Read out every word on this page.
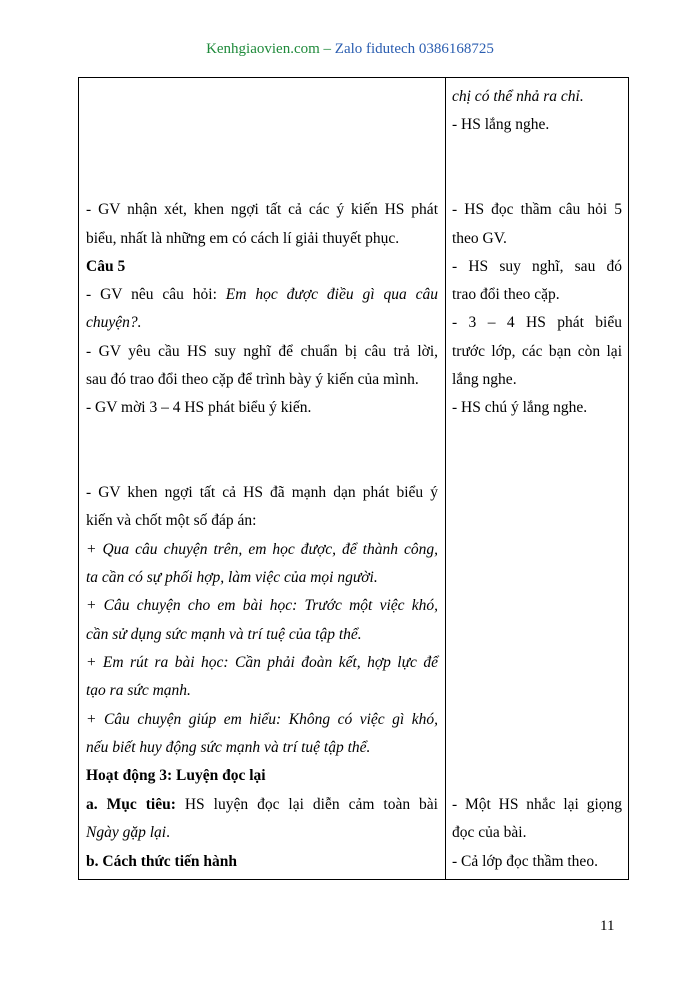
Kenhgiaovien.com – Zalo fidutech 0386168725
chị có thể nhả ra chỉ.
- HS lắng nghe.
- HS đọc thầm câu hỏi 5
theo GV.
- HS suy nghĩ, sau đó
trao đổi theo cặp.
- 3 – 4 HS phát biểu
trước lớp, các bạn còn lại
lắng nghe.
- HS chú ý lắng nghe.
- Một HS nhắc lại giọng
đọc của bài.
- Cả lớp đọc thầm theo.
- GV nhận xét, khen ngợi tất cả các ý kiến HS phát
biểu, nhất là những em có cách lí giải thuyết phục.
Câu 5
- GV nêu câu hỏi: Em học được điều gì qua câu
chuyện?.
- GV yêu cầu HS suy nghĩ để chuẩn bị câu trả lời,
sau đó trao đổi theo cặp để trình bày ý kiến của mình.
- GV mời 3 – 4 HS phát biểu ý kiến.
- GV khen ngợi tất cả HS đã mạnh dạn phát biểu ý
kiến và chốt một số đáp án:
+ Qua câu chuyện trên, em học được, để thành công,
ta cần có sự phối hợp, làm việc của mọi người.
+ Câu chuyện cho em bài học: Trước một việc khó,
cần sử dụng sức mạnh và trí tuệ của tập thể.
+ Em rút ra bài học: Cần phải đoàn kết, hợp lực để
tạo ra sức mạnh.
+ Câu chuyện giúp em hiểu: Không có việc gì khó,
nếu biết huy động sức mạnh và trí tuệ tập thể.
Hoạt động 3: Luyện đọc lại
a. Mục tiêu: HS luyện đọc lại diễn cảm toàn bài
Ngày gặp lại.
b. Cách thức tiến hành
11
